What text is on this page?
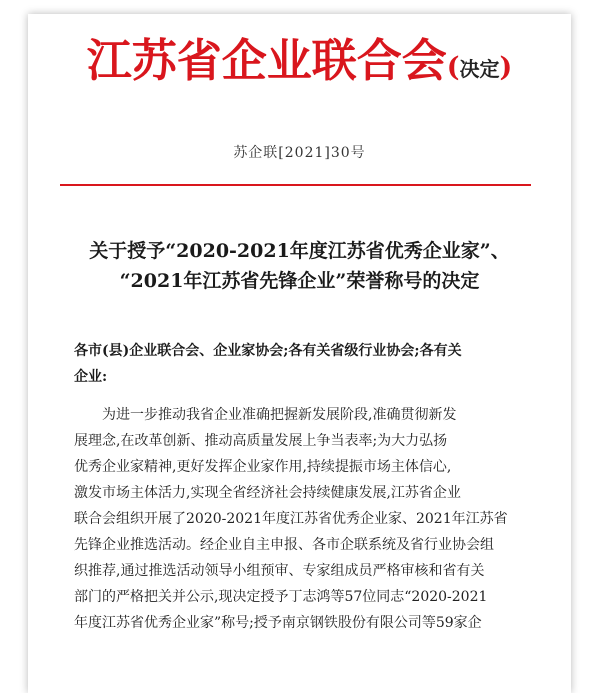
江苏省企业联合会(决定)
苏企联[2021]30号
关于授予“2020-2021年度江苏省优秀企业家”、
“2021年江苏省先锋企业”荣誉称号的决定
各市(县)企业联合会、企业家协会;各有关省级行业协会;各有关
企业:
为进一步推动我省企业准确把握新发展阶段,准确贯彻新发
展理念,在改革创新、推动高质量发展上争当表率;为大力弘扬
优秀企业家精神,更好发挥企业家作用,持续提振市场主体信心,
激发市场主体活力,实现全省经济社会持续健康发展,江苏省企业
联合会组织开展了2020-2021年度江苏省优秀企业家、2021年江苏省
先锋企业推选活动。经企业自主申报、各市企联系统及省行业协会组
织推荐,通过推选活动领导小组预审、专家组成员严格审核和省有关
部门的严格把关并公示,现决定授予丁志鸿等57位同志“2020-2021
年度江苏省优秀企业家”称号;授予南京钢铁股份有限公司等59家企
